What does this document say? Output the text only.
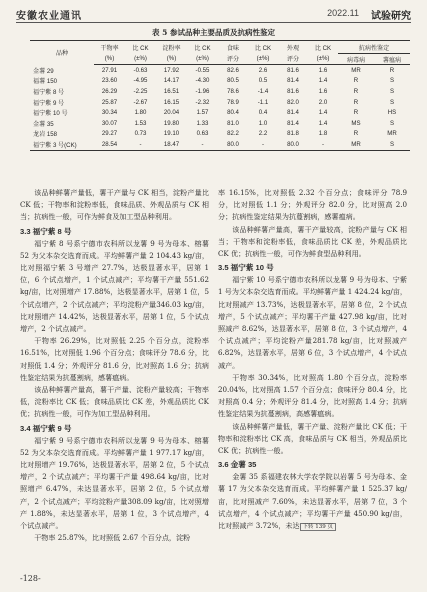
安徽农业通讯	2022.11 试验研究
表 5 参试品种主要品质及抗病性鉴定
品种	干物率	比 CK	淀粉率	比 CK	食味	比 CK	外观	比 CK	抗病性鉴定	
	(%)	(±%)	(%)	(±%)	评分	(±%)	评分	(±%)	病毒病	薯瘟病
金薯 29	27.91	-0.63	17.92	-0.55	82.6	2.6	81.6	1.6	MR	R
福薯 150	23.60	-4.95	14.17	-4.30	80.5	0.5	81.4	1.4	R	S
福宁紫 8 号	26.29	-2.25	16.51	-1.96	78.6	-1.4	81.6	1.6	R	S
福宁紫 9 号	25.87	-2.67	16.15	-2.32	78.9	-1.1	82.0	2.0	R	S
福宁紫 10 号	30.34	1.80	20.04	1.57	80.4	0.4	81.4	1.4	R	HS
金薯 35	30.07	1.53	19.80	1.33	81.0	1.0	81.4	1.4	MS	S
龙岩 158	29.27	0.73	19.10	0.63	82.2	2.2	81.8	1.8	R	MR
福宁紫 3 号(CK)	28.54	-	18.47	-	80.0	-	80.0	-	MR	S

该品种鲜薯产量低，薯干产量与 CK 相当，淀粉产量比 CK 低；干物率和淀粉率低，食味品质、外观品质与 CK 相当；抗病性一般，可作为鲜食及加工型品种利用。

3.3 福宁紫 8 号

福宁紫 8 号系宁德市农科所以龙薯 9 号为母本、榕薯 52 为父本杂交选育而成。平均鲜薯产量 2 104.43 kg/亩，比对照福宁紫 3 号增产 27.7%，达极显著水平，居第 1 位，6 个试点增产，1 个试点减产；平均薯干产量 551.62 kg/亩，比对照增产 17.88%，达极显著水平，居第 1 位，5 个试点增产，2 个试点减产；平均淀粉产量346.03 kg/亩，比对照增产 14.42%，达极显著水平，居第 1 位，5 个试点增产，2 个试点减产。

干物率 26.29%，比对照低 2.25 个百分点，淀粉率 16.51%，比对照低 1.96 个百分点；食味评分 78.6 分，比对照低 1.4 分；外观评分 81.6 分，比对照高 1.6 分；抗病性鉴定结果为抗蔓割病，感薯瘟病。

该品种鲜薯产量高，薯干产量、淀粉产量较高；干物率低，淀粉率比 CK 低；食味品质比 CK 差，外观品质比 CK 优；抗病性一般，可作为加工型品种利用。

3.4 福宁紫 9 号

福宁紫 9 号系宁德市农科所以龙薯 9 号为母本、榕薯 52 为父本杂交选育而成。平均鲜薯产量 1 977.17 kg/亩，比对照增产 19.76%，达极显著水平，居第 2 位，5 个试点增产，2 个试点减产；平均薯干产量 498.64 kg/亩，比对照增产 6.47%，未达显著水平，居第 2 位，5 个试点增产，2 个试点减产；平均淀粉产量308.09 kg/亩，比对照增产 1.88%，未达显著水平，居第 1 位，3 个试点增产，4 个试点减产。

干物率 25.87%，比对照低 2.67 个百分点，淀粉

率 16.15%，比对照低 2.32 个百分点；食味评分 78.9 分，比对照低 1.1 分；外观评分 82.0 分，比对照高 2.0 分；抗病性鉴定结果为抗蔓割病，感薯瘟病。

该品种鲜薯产量高，薯干产量较高，淀粉产量与 CK 相当；干物率和淀粉率低，食味品质比 CK 差，外观品质比 CK 优；抗病性一般，可作为鲜食型品种利用。

3.5 福宁紫 10 号

福宁紫 10 号系宁德市农科所以龙薯 9 号为母本、宁紫 1 号为父本杂交选育而成。平均鲜薯产量 1 424.24 kg/亩，比对照减产 13.73%，达极显著水平，居第 8 位，2 个试点增产，5 个试点减产；平均薯干产量 427.98 kg/亩，比对照减产 8.62%，达显著水平，居第 8 位，3 个试点增产，4 个试点减产；平均淀粉产量281.78 kg/亩，比对照减产 6.82%，达显著水平，居第 6 位，3 个试点增产，4 个试点减产。

干物率 30.34%，比对照高 1.80 个百分点，淀粉率 20.04%，比对照高 1.57 个百分点；食味评分 80.4 分，比对照高 0.4 分；外观评分 81.4 分，比对照高 1.4 分；抗病性鉴定结果为抗蔓割病，高感薯瘟病。

该品种鲜薯产量低，薯干产量、淀粉产量比 CK 低；干物率和淀粉率比 CK 高，食味品质与 CK 相当，外观品质比 CK 优；抗病性一般。

3.6 金薯 35

金薯 35 系福建农林大学农学院以岩薯 5 号为母本、金薯 17 为父本杂交选育而成。平均鲜薯产量 1 525.37 kg/亩，比对照减产 7.60%，未达显著水平，居第 7 位，3 个试点增产，4 个试点减产；平均薯干产量 450.90 kg/亩，比对照减产 3.72%，未达 下转 139 页

-128-
